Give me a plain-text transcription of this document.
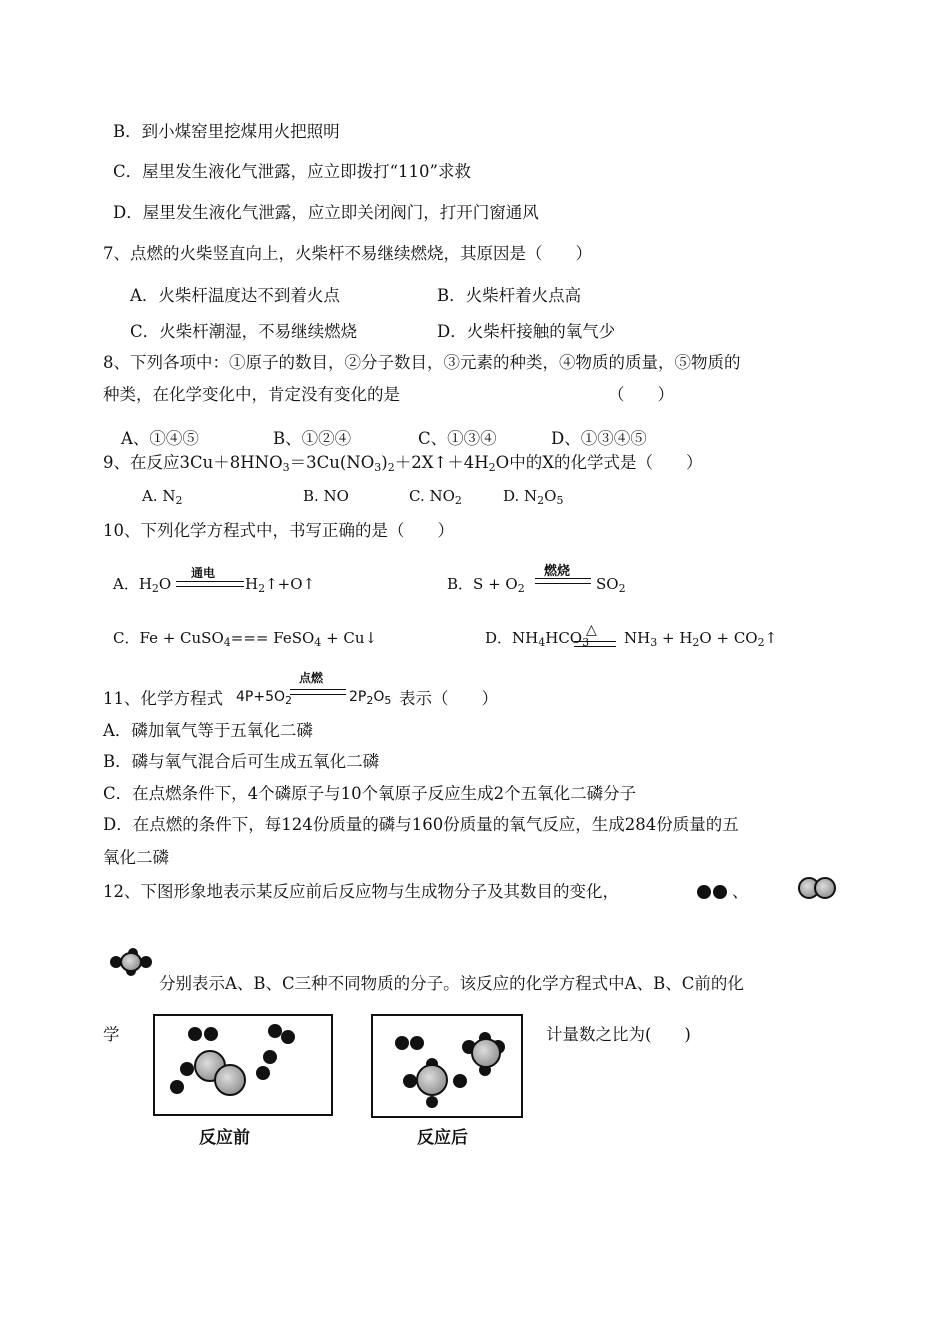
B．到小煤窑里挖煤用火把照明
C．屋里发生液化气泄露，应立即拨打“110”求救
D．屋里发生液化气泄露，应立即关闭阀门，打开门窗通风
7、点燃的火柴竖直向上，火柴杆不易继续燃烧，其原因是（　　）
A．火柴杆温度达不到着火点	B．火柴杆着火点高
C．火柴杆潮湿，不易继续燃烧	D．火柴杆接触的氧气少
8、下列各项中：①原子的数目，②分子数目，③元素的种类，④物质的质量，⑤物质的
种类，在化学变化中，肯定没有变化的是	（　　）
A、①④⑤	B、①②④	C、①③④	D、①③④⑤
9、在反应$3Cu+8HNO_3=3Cu(NO_3)_2+2X↑+4H_2O$中的X的化学式是（　　）
A. $N_2$	B. NO	C. $NO_2$	D. $N_2O_5$
10、下列化学方程式中，书写正确的是（　　）
A．$H_2O$
通电
$H_2↑+O↑$	B．$S + O_2$
燃烧
$SO_2$
C．Fe + CuSO$_4$=== FeSO$_4$ + Cu↓	D．$NH_4HCO_3$
△ $NH_3 + H_2O$ + $CO_2↑$
11、化学方程式 $4P+5O_2$
点燃
$2P_2O_5$ 表示（　　）
A．磷加氧气等于五氧化二磷
B．磷与氧气混合后可生成五氧化二磷
C．在点燃条件下，4个磷原子与10个氧原子反应生成2个五氧化二磷分子
D．在点燃的条件下，每124份质量的磷与160份质量的氧气反应，生成284份质量的五
氧化二磷
12、下图形象地表示某反应前后反应物与生成物分子及其数目的变化，	、
分别表示A、B、C三种不同物质的分子。该反应的化学方程式中A、B、C前的化
学	计量数之比为(　　)
反应前	反应后
